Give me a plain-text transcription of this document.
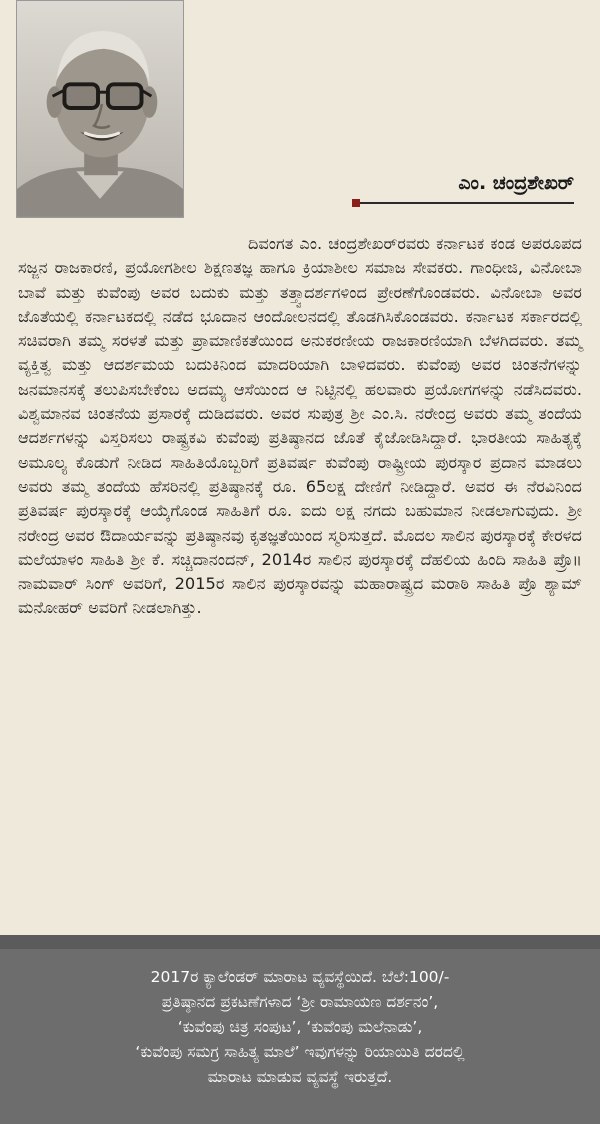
ಎಂ. ಚಂದ್ರಶೇಖರ್

ದಿವಂಗತ ಎಂ. ಚಂದ್ರಶೇಖರ್‌ರವರು ಕರ್ನಾಟಕ ಕಂಡ ಅಪರೂಪದ ಸಜ್ಜನ ರಾಜಕಾರಣಿ, ಪ್ರಯೋಗಶೀಲ ಶಿಕ್ಷಣತಜ್ಞ ಹಾಗೂ ಕ್ರಿಯಾಶೀಲ ಸಮಾಜ ಸೇವಕರು. ಗಾಂಧೀಜಿ, ವಿನೋಬಾ ಬಾವೆ ಮತ್ತು ಕುವೆಂಪು ಅವರ ಬದುಕು ಮತ್ತು ತತ್ತ್ವಾದರ್ಶಗಳಿಂದ ಪ್ರೇರಣೆಗೊಂಡವರು. ವಿನೋಬಾ ಅವರ ಜೊತೆಯಲ್ಲಿ ಕರ್ನಾಟಕದಲ್ಲಿ ನಡೆದ ಭೂದಾನ ಆಂದೋಲನದಲ್ಲಿ ತೊಡಗಿಸಿಕೊಂಡವರು. ಕರ್ನಾಟಕ ಸರ್ಕಾರದಲ್ಲಿ ಸಚಿವರಾಗಿ ತಮ್ಮ ಸರಳತೆ ಮತ್ತು ಪ್ರಾಮಾಣಿಕತೆಯಿಂದ ಅನುಕರಣೀಯ ರಾಜಕಾರಣಿಯಾಗಿ ಬೆಳಗಿದವರು. ತಮ್ಮ ವ್ಯಕ್ತಿತ್ವ ಮತ್ತು ಆದರ್ಶಮಯ ಬದುಕಿನಿಂದ ಮಾದರಿಯಾಗಿ ಬಾಳಿದವರು. ಕುವೆಂಪು ಅವರ ಚಿಂತನೆಗಳನ್ನು ಜನಮಾನಸಕ್ಕೆ ತಲುಪಿಸಬೇಕೆಂಬ ಅದಮ್ಯ ಆಸೆಯಿಂದ ಆ ನಿಟ್ಟಿನಲ್ಲಿ ಹಲವಾರು ಪ್ರಯೋಗಗಳನ್ನು ನಡೆಸಿದವರು. ವಿಶ್ವಮಾನವ ಚಿಂತನೆಯ ಪ್ರಸಾರಕ್ಕೆ ದುಡಿದವರು. ಅವರ ಸುಪುತ್ರ ಶ್ರೀ ಎಂ.ಸಿ. ನರೇಂದ್ರ ಅವರು ತಮ್ಮ ತಂದೆಯ ಆದರ್ಶಗಳನ್ನು ವಿಸ್ತರಿಸಲು ರಾಷ್ಟ್ರಕವಿ ಕುವೆಂಪು ಪ್ರತಿಷ್ಠಾನದ ಜೊತೆ ಕೈಜೋಡಿಸಿದ್ದಾರೆ. ಭಾರತೀಯ ಸಾಹಿತ್ಯಕ್ಕೆ ಅಮೂಲ್ಯ ಕೊಡುಗೆ ನೀಡಿದ ಸಾಹಿತಿಯೊಬ್ಬರಿಗೆ ಪ್ರತಿವರ್ಷ ಕುವೆಂಪು ರಾಷ್ಟ್ರೀಯ ಪುರಸ್ಕಾರ ಪ್ರದಾನ ಮಾಡಲು ಅವರು ತಮ್ಮ ತಂದೆಯ ಹೆಸರಿನಲ್ಲಿ ಪ್ರತಿಷ್ಠಾನಕ್ಕೆ ರೂ. 65ಲಕ್ಷ ದೇಣಿಗೆ ನೀಡಿದ್ದಾರೆ. ಅವರ ಈ ನೆರವಿನಿಂದ ಪ್ರತಿವರ್ಷ ಪುರಸ್ಕಾರಕ್ಕೆ ಆಯ್ಕೆಗೊಂಡ ಸಾಹಿತಿಗೆ ರೂ. ಐದು ಲಕ್ಷ ನಗದು ಬಹುಮಾನ ನೀಡಲಾಗುವುದು. ಶ್ರೀ ನರೇಂದ್ರ ಅವರ ಔದಾರ್ಯವನ್ನು ಪ್ರತಿಷ್ಠಾನವು ಕೃತಜ್ಞತೆಯಿಂದ ಸ್ಮರಿಸುತ್ತದೆ. ಮೊದಲ ಸಾಲಿನ ಪುರಸ್ಕಾರಕ್ಕೆ ಕೇರಳದ ಮಲೆಯಾಳಂ ಸಾಹಿತಿ ಶ್ರೀ ಕೆ. ಸಚ್ಚಿದಾನಂದನ್, 2014ರ ಸಾಲಿನ ಪುರಸ್ಕಾರಕ್ಕೆ ದೆಹಲಿಯ ಹಿಂದಿ ಸಾಹಿತಿ ಪ್ರೊ॥ ನಾಮವಾರ್ ಸಿಂಗ್ ಅವರಿಗೆ, 2015ರ ಸಾಲಿನ ಪುರಸ್ಕಾರವನ್ನು ಮಹಾರಾಷ್ಟ್ರದ ಮರಾಠಿ ಸಾಹಿತಿ ಪ್ರೊ ಶ್ಯಾಮ್ ಮನೋಹರ್ ಅವರಿಗೆ ನೀಡಲಾಗಿತ್ತು.

2017ರ ಕ್ಯಾಲೆಂಡರ್ ಮಾರಾಟ ವ್ಯವಸ್ಥೆಯಿದೆ. ಬೆಲೆ:100/-
ಪ್ರತಿಷ್ಠಾನದ ಪ್ರಕಟಣೆಗಳಾದ ‘ಶ್ರೀ ರಾಮಾಯಣ ದರ್ಶನಂ’,
‘ಕುವೆಂಪು ಚಿತ್ರ ಸಂಪುಟ’, ‘ಕುವೆಂಪು ಮಲೆನಾಡು’,
‘ಕುವೆಂಪು ಸಮಗ್ರ ಸಾಹಿತ್ಯ ಮಾಲೆ’ ಇವುಗಳನ್ನು ರಿಯಾಯಿತಿ ದರದಲ್ಲಿ
ಮಾರಾಟ ಮಾಡುವ ವ್ಯವಸ್ಥೆ ಇರುತ್ತದೆ.
